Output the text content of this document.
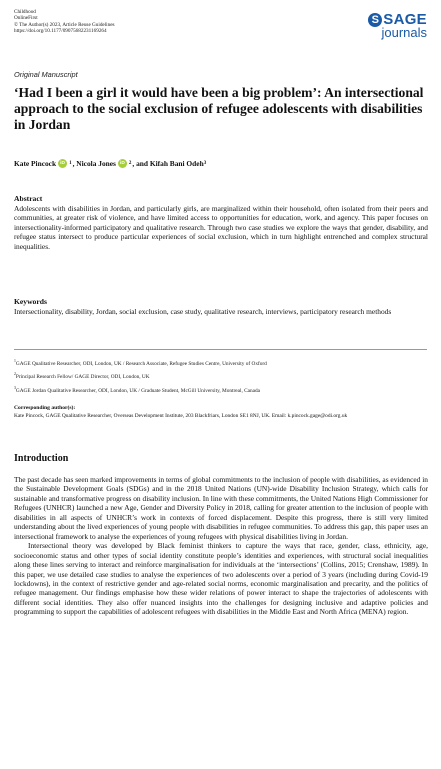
Childhood
OnlineFirst
© The Author(s) 2023, Article Reuse Guidelines
https://doi.org/10.1177/09075682231169264
S SAGE
journals
Original Manuscript
‘Had I been a girl it would have been a big problem’: An intersectional approach to the social exclusion of refugee adolescents with disabilities in Jordan
Kate Pincock iD 1 , Nicola Jones iD 2 , and Kifah Bani Odeh 3
Abstract

Adolescents with disabilities in Jordan, and particularly girls, are marginalized within their household, often isolated from their peers and communities, at greater risk of violence, and have limited access to opportunities for education, work, and agency. This paper focuses on intersectionality-informed participatory and qualitative research. Through two case studies we explore the ways that gender, disability, and refugee status intersect to produce particular experiences of social exclusion, which in turn highlight entrenched and complex structural inequalities.

Keywords

Intersectionality, disability, Jordan, social exclusion, case study, qualitative research, interviews, participatory research methods

$^1$GAGE Qualitative Researcher, ODI, London, UK / Research Associate, Refugee Studies Centre, University of Oxford
$^2$Principal Research Fellow/ GAGE Director, ODI, London, UK
$^3$GAGE Jordan Qualitative Researcher, ODI, London, UK / Graduate Student, McGill University, Montreal, Canada
Corresponding author(s):

Kate Pincock, GAGE Qualitative Researcher, Overseas Development Institute, 203 Blackfriars, London SE1 8NJ, UK. Email: k.pincock.gage@odi.org.uk

Introduction

The past decade has seen marked improvements in terms of global commitments to the inclusion of people with disabilities, as evidenced in the Sustainable Development Goals (SDGs) and in the 2018 United Nations (UN)-wide Disability Inclusion Strategy, which calls for sustainable and transformative progress on disability inclusion. In line with these commitments, the United Nations High Commissioner for Refugees (UNHCR) launched a new Age, Gender and Diversity Policy in 2018, calling for greater attention to the inclusion of people with disabilities in all aspects of UNHCR’s work in contexts of forced displacement. Despite this progress, there is still very limited understanding about the lived experiences of young people with disabilities in refugee communities. To address this gap, this paper uses an intersectional framework to analyse the experiences of young refugees with physical disabilities living in Jordan.

Intersectional theory was developed by Black feminist thinkers to capture the ways that race, gender, class, ethnicity, age, socioeconomic status and other types of social identity constitute people’s identities and experiences, with structural social inequalities along these lines serving to interact and reinforce marginalisation for individuals at the ‘intersections’ (Collins, 2015; Crenshaw, 1989). In this paper, we use detailed case studies to analyse the experiences of two adolescents over a period of 3 years (including during Covid-19 lockdowns), in the context of restrictive gender and age-related social norms, economic marginalisation and precarity, and the politics of refugee management. Our findings emphasise how these wider relations of power interact to shape the trajectories of adolescents with different social identities. They also offer nuanced insights into the challenges for designing inclusive and adaptive policies and programming to support the capabilities of adolescent refugees with disabilities in the Middle East and North Africa (MENA) region.
